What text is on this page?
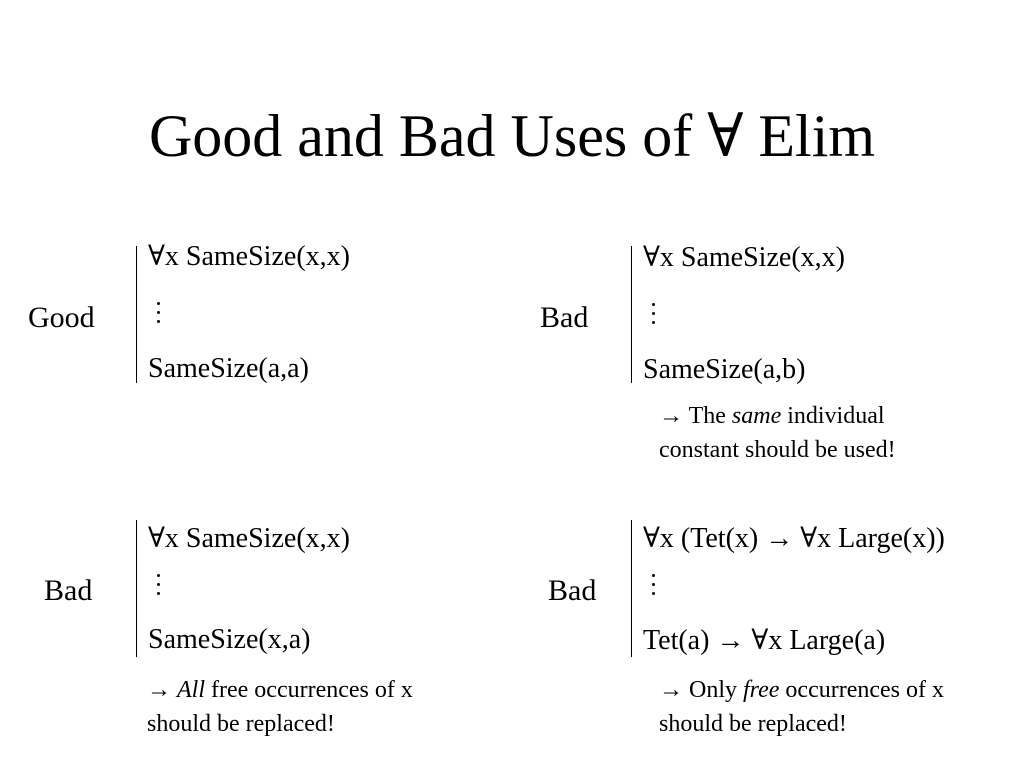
Good and Bad Uses of ∀ Elim
Good
∀x SameSize(x,x)
SameSize(a,a)
Bad
∀x SameSize(x,x)
SameSize(a,b)
→ The same individual
constant should be used!
Bad
∀x SameSize(x,x)
SameSize(x,a)
→ All free occurrences of x
should be replaced!
Bad
∀x (Tet(x) → ∀x Large(x))
Tet(a) → ∀x Large(a)
→ Only free occurrences of x
should be replaced!
